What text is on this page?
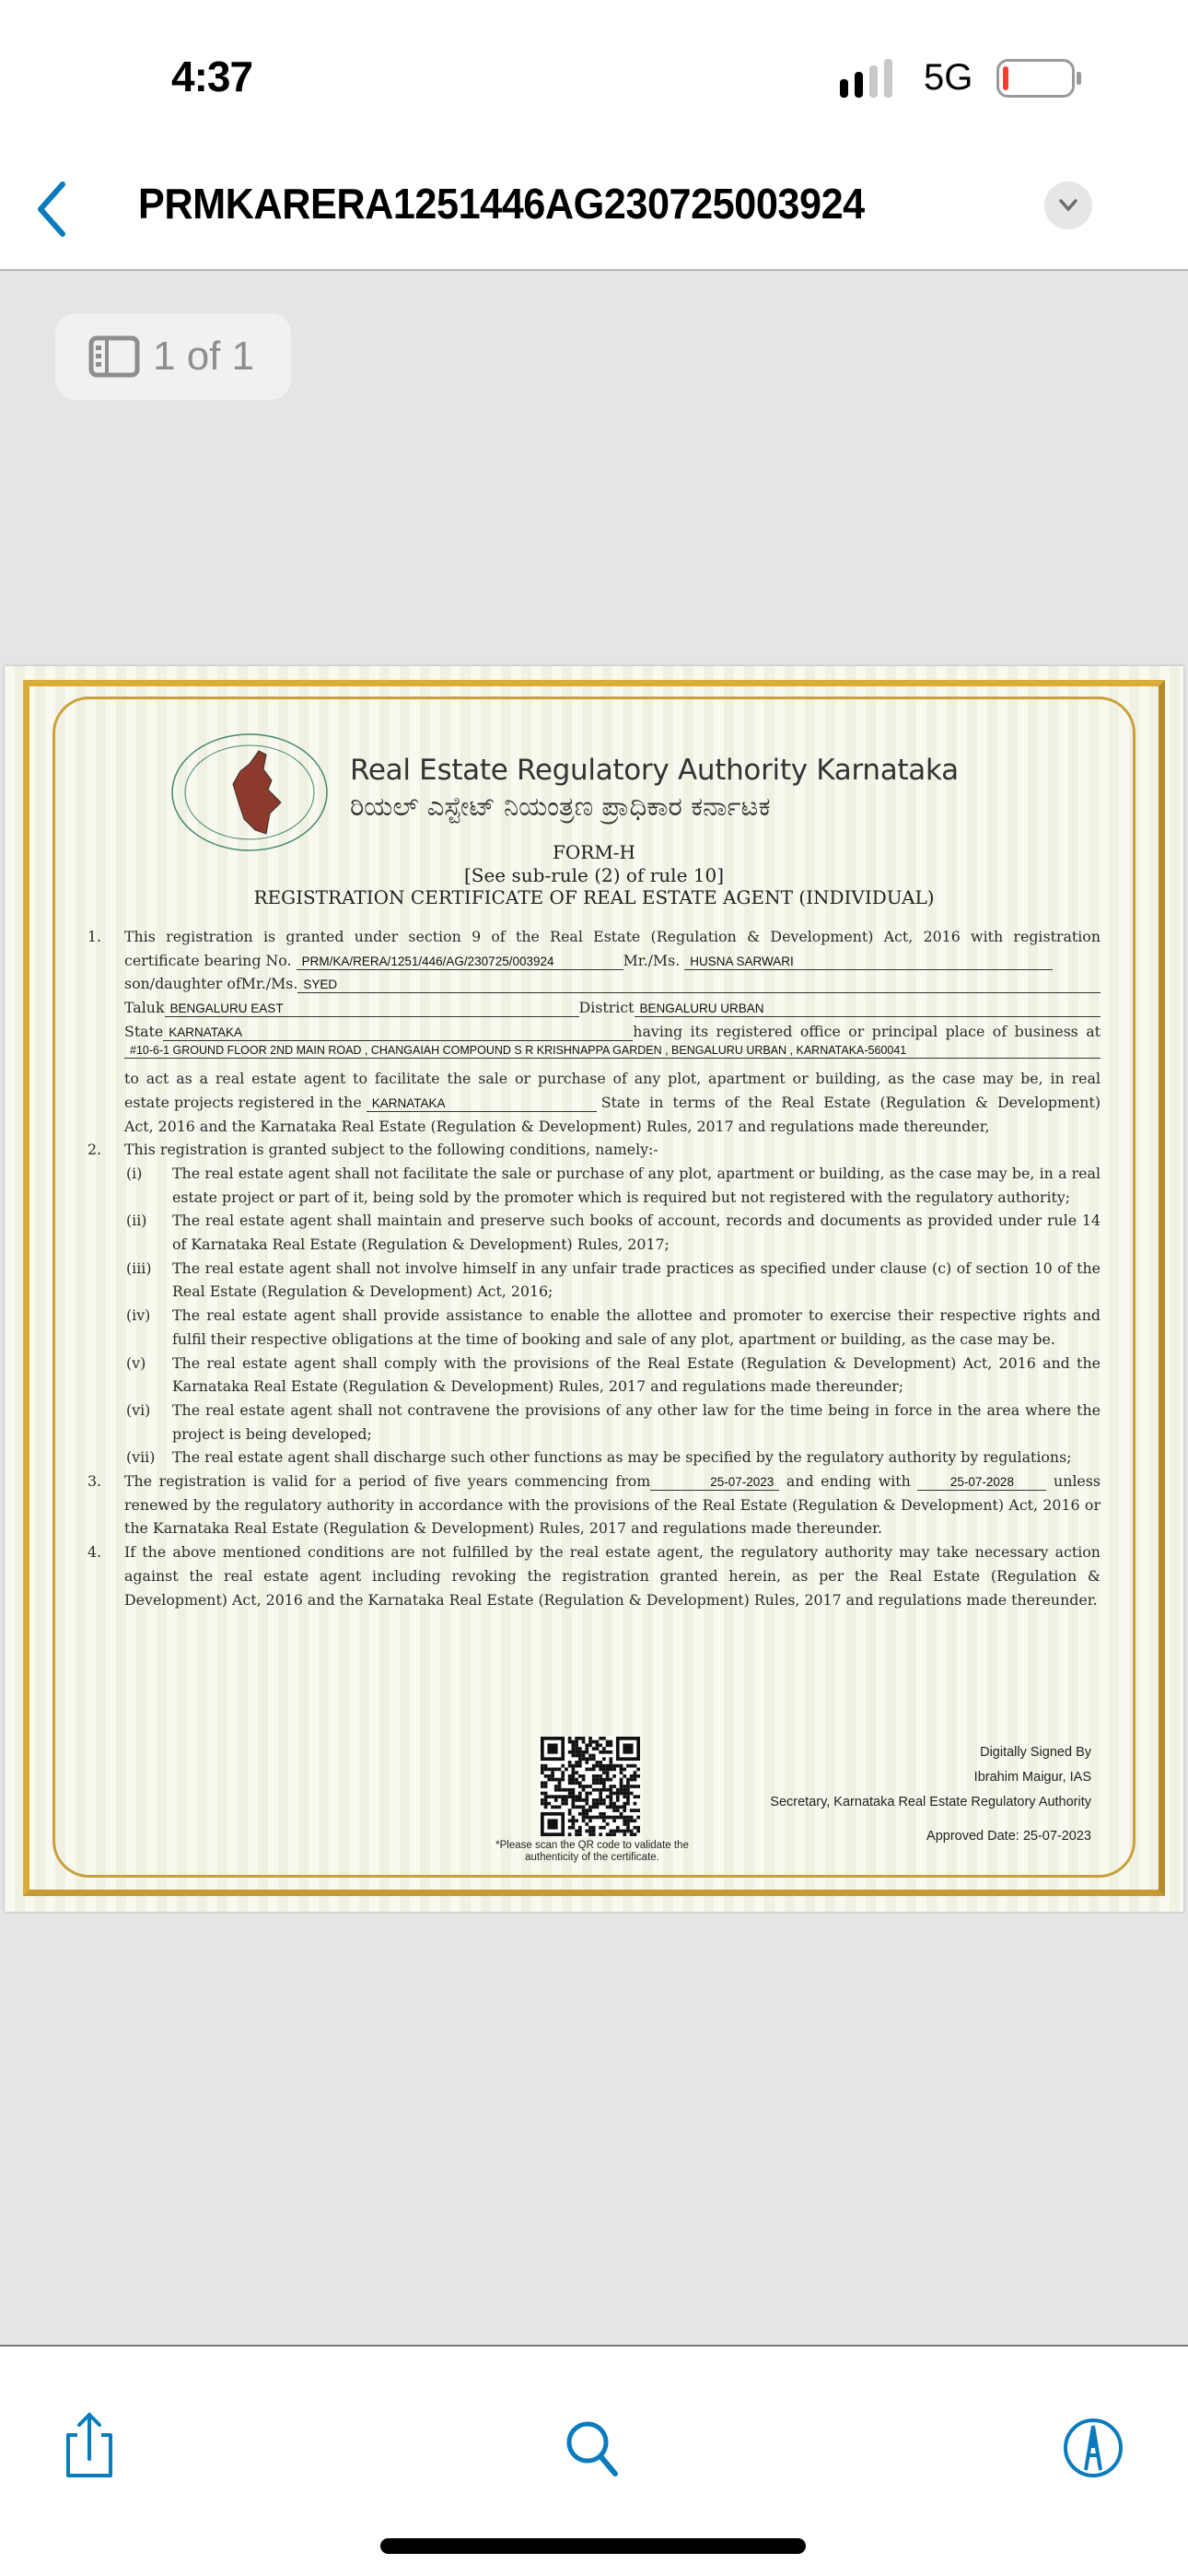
4:37	5G
PRMKARERA1251446AG230725003924
1 of 1
Real Estate Regulatory Authority Karnataka
ರಿಯಲ್ ಎಸ್ಟೇಟ್ ನಿಯಂತ್ರಣ ಪ್ರಾಧಿಕಾರ ಕರ್ನಾಟಕ
FORM-H
[See sub-rule (2) of rule 10]
REGISTRATION CERTIFICATE OF REAL ESTATE AGENT (INDIVIDUAL)
1.	This registration is granted under section 9 of the Real Estate (Regulation & Development) Act, 2016 with registration
certificate bearing No.
PRM/KA/RERA/1251/446/AG/230725/003924	Mr./Ms.
HUSNA SARWARI
son/daughter ofMr./Ms. SYED
Taluk BENGALURU EAST	District BENGALURU URBAN
State KARNATAKA	having its registered office or principal place of business at
#10-6-1 GROUND FLOOR 2ND MAIN ROAD , CHANGAIAH COMPOUND S R KRISHNAPPA GARDEN , BENGALURU URBAN , KARNATAKA-560041
to act as a real estate agent to facilitate the sale or purchase of any plot, apartment or building, as the case may be, in real
estate projects registered in the
KARNATAKA
	State in terms of the Real Estate (Regulation & Development)
Act, 2016 and the Karnataka Real Estate (Regulation & Development) Rules, 2017 and regulations made thereunder,
2.	This registration is granted subject to the following conditions, namely:-
(i)	The real estate agent shall not facilitate the sale or purchase of any plot, apartment or building, as the case may be, in a real estate project or part of it, being sold by the promoter which is required but not registered with the regulatory authority;
(ii)	The real estate agent shall maintain and preserve such books of account, records and documents as provided under rule 14 of Karnataka Real Estate (Regulation & Development) Rules, 2017;
(iii)	The real estate agent shall not involve himself in any unfair trade practices as specified under clause (c) of section 10 of the Real Estate (Regulation & Development) Act, 2016;
(iv)	The real estate agent shall provide assistance to enable the allottee and promoter to exercise their respective rights and fulfil their respective obligations at the time of booking and sale of any plot, apartment or building, as the case may be.
(v)	The real estate agent shall comply with the provisions of the Real Estate (Regulation & Development) Act, 2016 and the Karnataka Real Estate (Regulation & Development) Rules, 2017 and regulations made thereunder;
(vi)	The real estate agent shall not contravene the provisions of any other law for the time being in force in the area where the project is being developed;
(vii)	The real estate agent shall discharge such other functions as may be specified by the regulatory authority by regulations;
3.	The registration is valid for a period of five years commencing from	25-07-2023 and ending with	25-07-2028	unless renewed by the regulatory authority in accordance with the provisions of the Real Estate (Regulation & Development) Act, 2016 or the Karnataka Real Estate (Regulation & Development) Rules, 2017 and regulations made thereunder.
4.	If the above mentioned conditions are not fulfilled by the real estate agent, the regulatory authority may take necessary action against the real estate agent including revoking the registration granted herein, as per the Real Estate (Regulation & Development) Act, 2016 and the Karnataka Real Estate (Regulation & Development) Rules, 2017 and regulations made thereunder.
*Please scan the QR code to validate the authenticity of the certificate.
Digitally Signed By
Ibrahim Maigur, IAS
Secretary, Karnataka Real Estate Regulatory Authority
Approved Date: 25-07-2023
